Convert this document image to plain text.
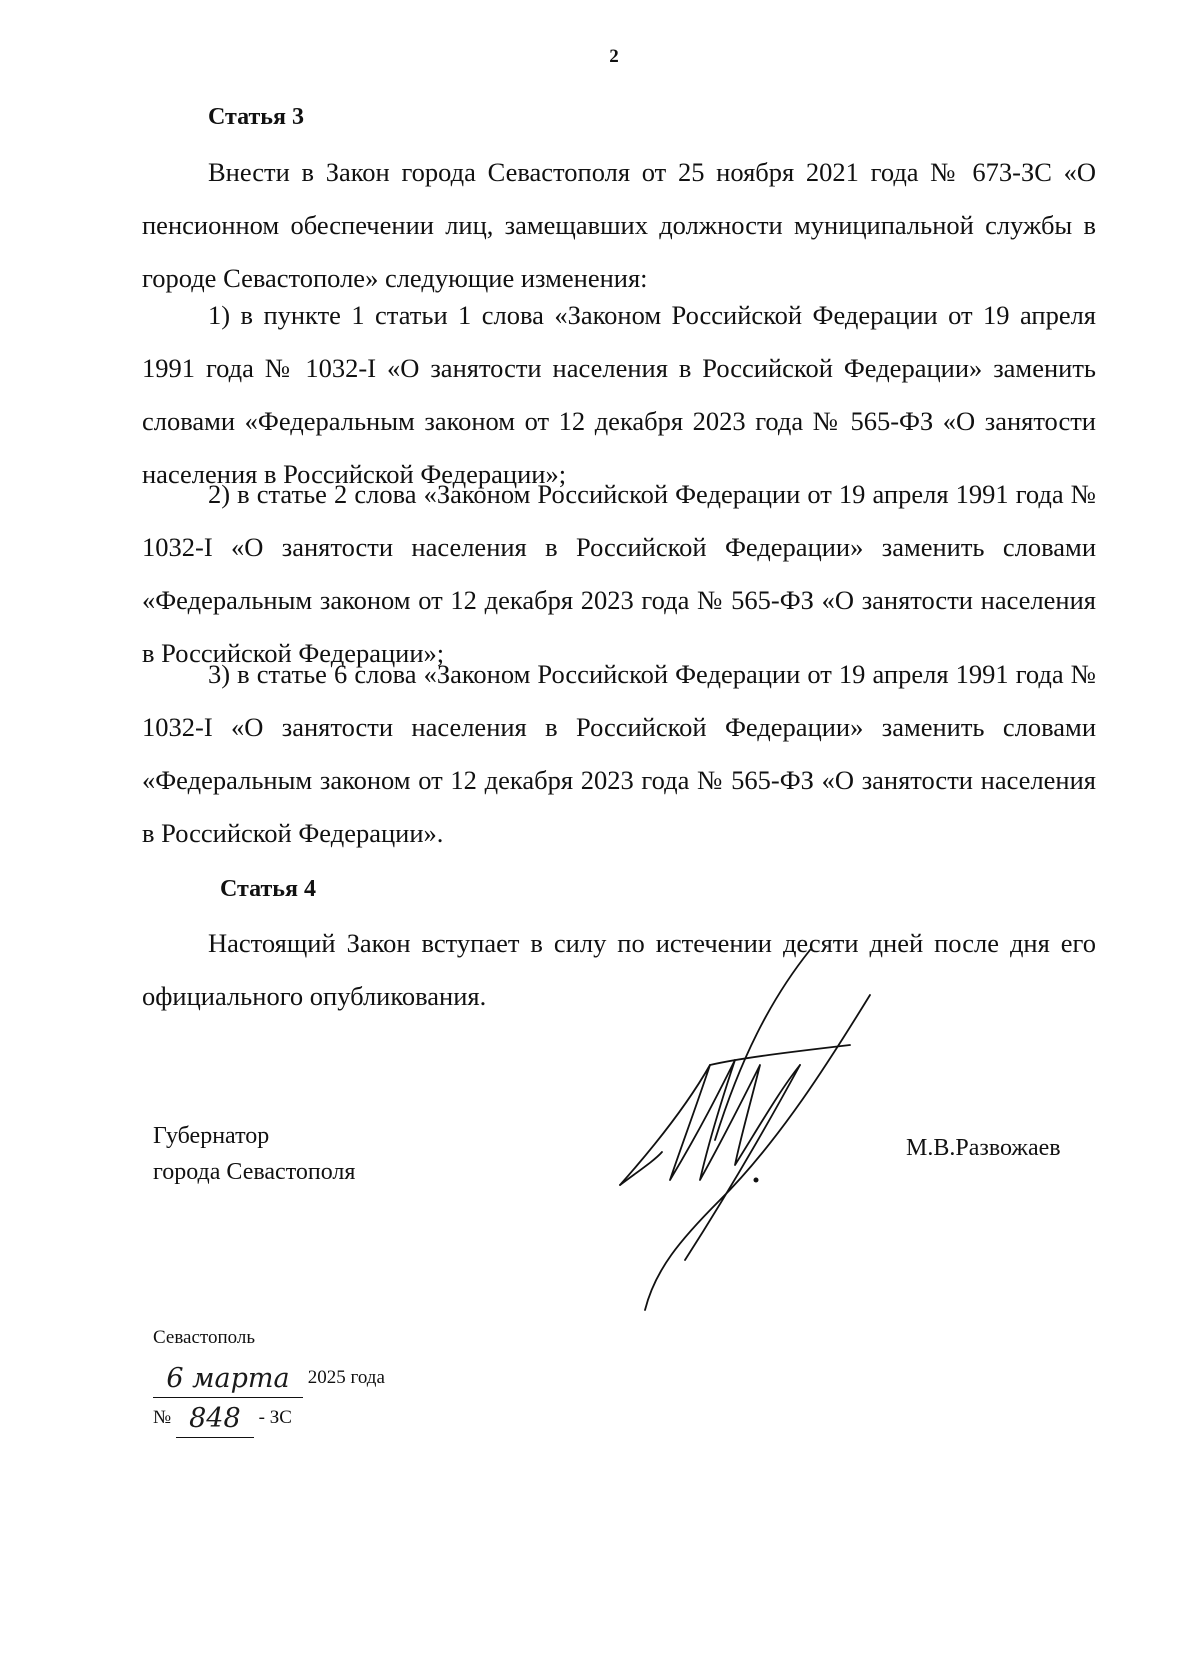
2
Статья 3

Внести в Закон города Севастополя от 25 ноября 2021 года № 673-ЗС «О пенсионном обеспечении лиц, замещавших должности муниципальной службы в городе Севастополе» следующие изменения:

1) в пункте 1 статьи 1 слова «Законом Российской Федерации от 19 апреля 1991 года № 1032-I «О занятости населения в Российской Федерации» заменить словами «Федеральным законом от 12 декабря 2023 года № 565-ФЗ «О занятости населения в Российской Федерации»;

2) в статье 2 слова «Законом Российской Федерации от 19 апреля 1991 года № 1032-I «О занятости населения в Российской Федерации» заменить словами «Федеральным законом от 12 декабря 2023 года № 565-ФЗ «О занятости населения в Российской Федерации»;

3) в статье 6 слова «Законом Российской Федерации от 19 апреля 1991 года № 1032-I «О занятости населения в Российской Федерации» заменить словами «Федеральным законом от 12 декабря 2023 года № 565-ФЗ «О занятости населения в Российской Федерации».

Статья 4

Настоящий Закон вступает в силу по истечении десяти дней после дня его официального опубликования.

Губернатор
города Севастополя
М.В.Развожаев
Севастополь
6 марта 2025 года
№ 848 - ЗС
